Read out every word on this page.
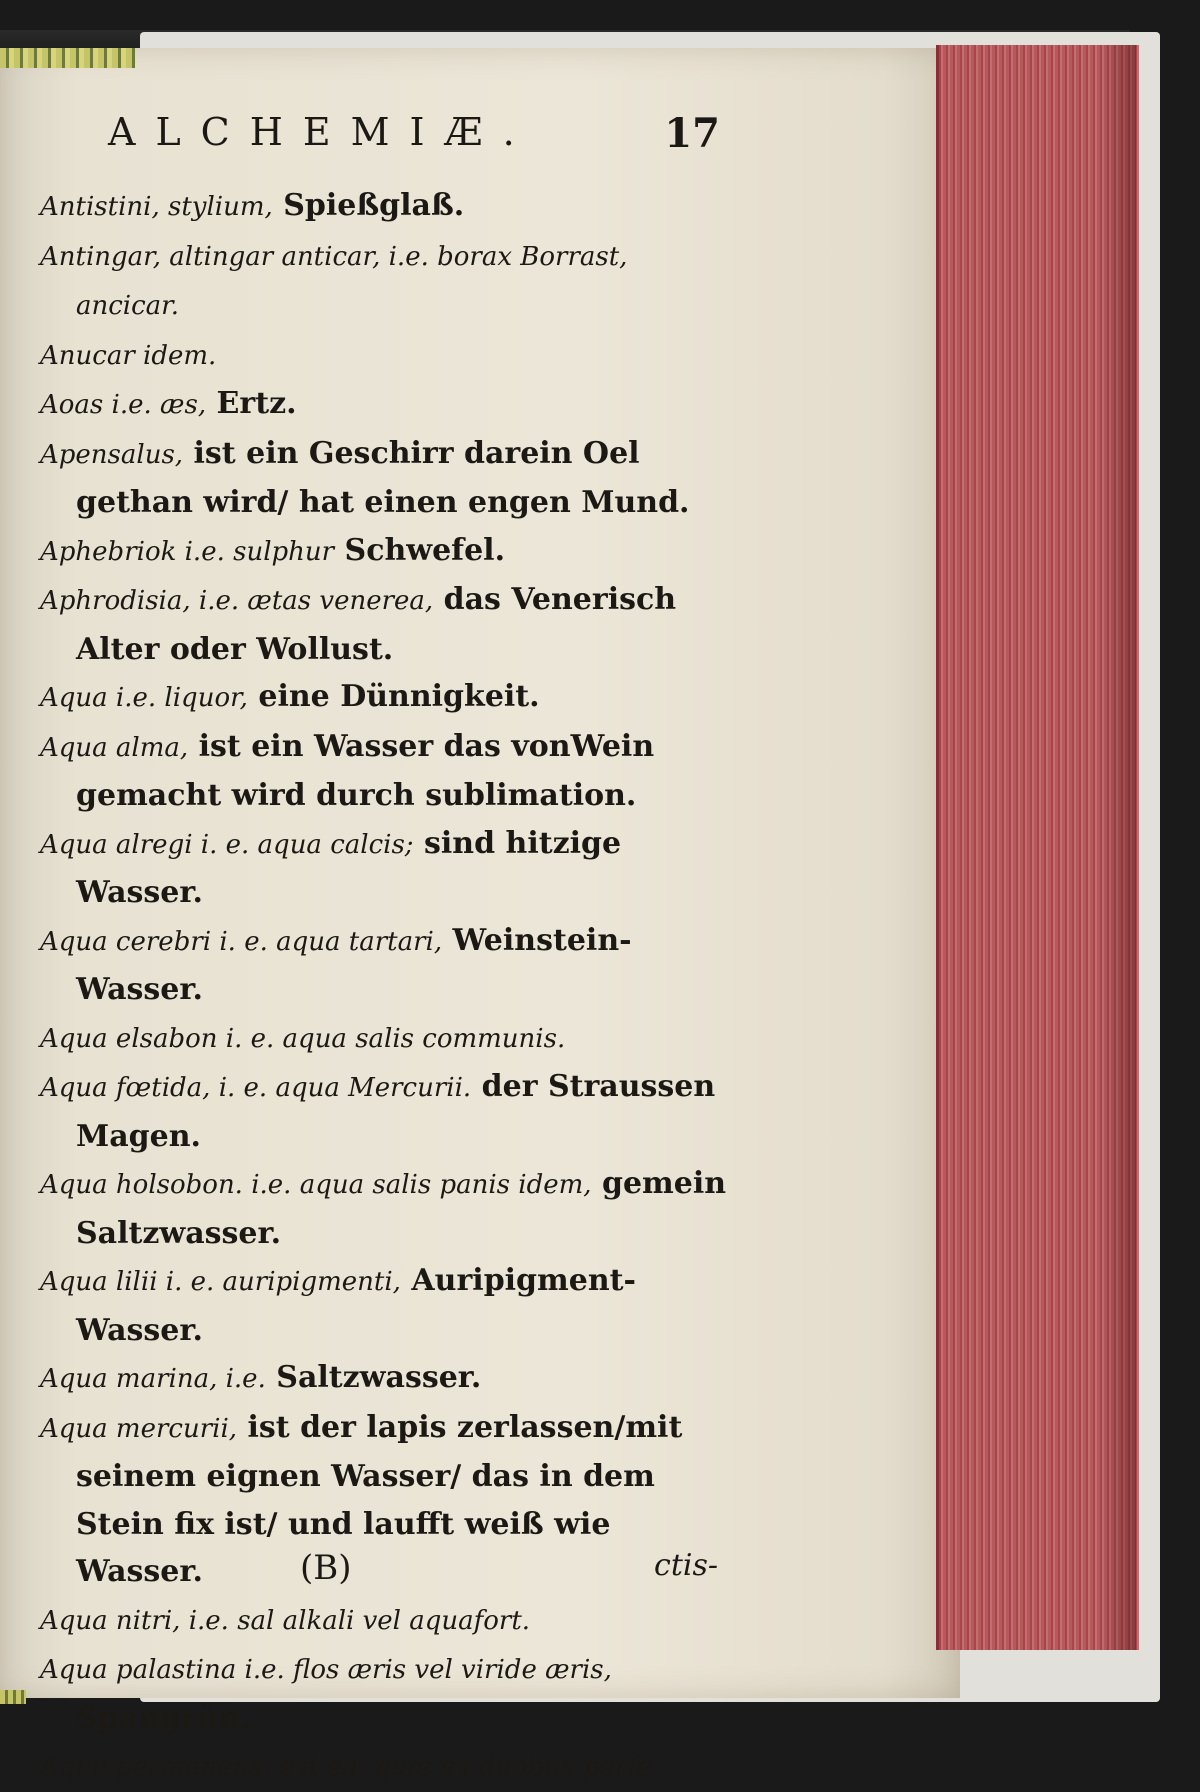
ALCHEMIÆ.	17
Antistini, stylium, Spießglaß.
Antingar, altingar anticar, i.e. borax Borrast, ancicar.
Anucar idem.
Aoas i.e. æs, Ertz.
Apensalus, ist ein Geschirr darein Oel gethan wird/ hat einen engen Mund.
Aphebriok i.e. sulphur Schwefel.
Aphrodisia, i.e. ætas venerea, das Venerisch Alter oder Wollust.
Aqua i.e. liquor, eine Dünnigkeit.
Aqua alma, ist ein Wasser das vonWein gemacht wird durch sublimation.
Aqua alregi i. e. aqua calcis; sind hitzige Wasser.
Aqua cerebri i. e. aqua tartari, Weinstein-Wasser.
Aqua elsabon i. e. aqua salis communis.
Aqua fœtida, i. e. aqua Mercurii. der Straussen Magen.
Aqua holsobon. i.e. aqua salis panis idem, gemein Saltzwasser.
Aqua lilii i. e. auripigmenti, Auripigment-Wasser.
Aqua marina, i.e. Saltzwasser.
Aqua mercurii, ist der lapis zerlassen/mit seinem eignen Wasser/ das in dem Stein fix ist/ und laufft weiß wie Wasser.
Aqua nitri, i.e. sal alkali vel aquafort.
Aqua palastina i.e. flos æris vel viride æris, Spangrün.
Aqua permanens, est ea, quæ ex duobus perfe-
(B)	ctis-
